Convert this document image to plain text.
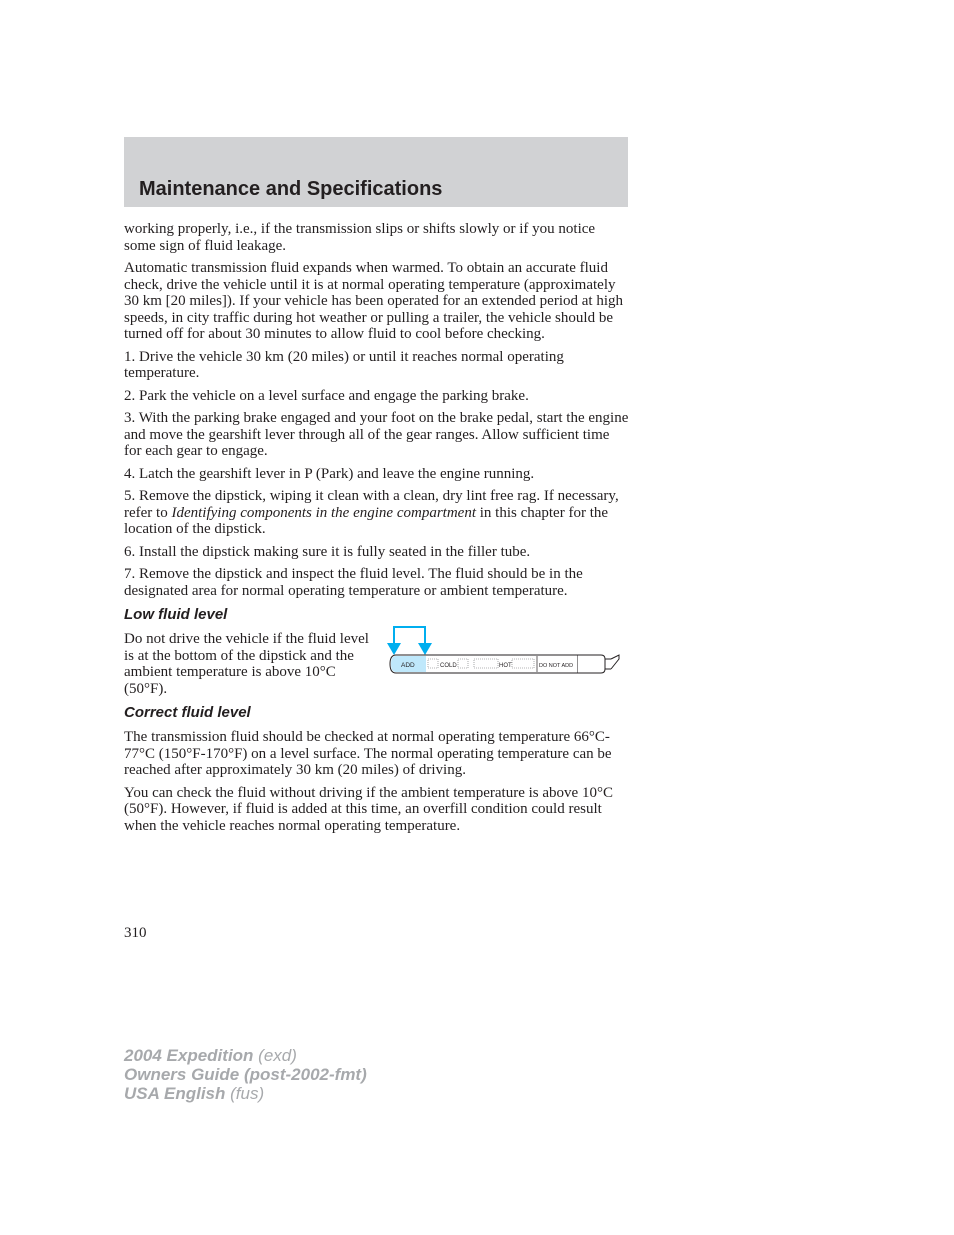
Maintenance and Specifications

working properly, i.e., if the transmission slips or shifts slowly or if you notice some sign of fluid leakage.

Automatic transmission fluid expands when warmed. To obtain an accurate fluid check, drive the vehicle until it is at normal operating temperature (approximately 30 km [20 miles]). If your vehicle has been operated for an extended period at high speeds, in city traffic during hot weather or pulling a trailer, the vehicle should be turned off for about 30 minutes to allow fluid to cool before checking.

1. Drive the vehicle 30 km (20 miles) or until it reaches normal operating temperature.

2. Park the vehicle on a level surface and engage the parking brake.

3. With the parking brake engaged and your foot on the brake pedal, start the engine and move the gearshift lever through all of the gear ranges. Allow sufficient time for each gear to engage.

4. Latch the gearshift lever in P (Park) and leave the engine running.

5. Remove the dipstick, wiping it clean with a clean, dry lint free rag. If necessary, refer to Identifying components in the engine compartment in this chapter for the location of the dipstick.

6. Install the dipstick making sure it is fully seated in the filler tube.

7. Remove the dipstick and inspect the fluid level. The fluid should be in the designated area for normal operating temperature or ambient temperature.

Low fluid level

Do not drive the vehicle if the fluid level is at the bottom of the dipstick and the ambient temperature is above 10°C (50°F).

ADD	COLD	HOT	DO NOT ADD
Correct fluid level

The transmission fluid should be checked at normal operating temperature 66°C-77°C (150°F-170°F) on a level surface. The normal operating temperature can be reached after approximately 30 km (20 miles) of driving.

You can check the fluid without driving if the ambient temperature is above 10°C (50°F). However, if fluid is added at this time, an overfill condition could result when the vehicle reaches normal operating temperature.

310

2004 Expedition (exd)
Owners Guide (post-2002-fmt)
USA English (fus)
